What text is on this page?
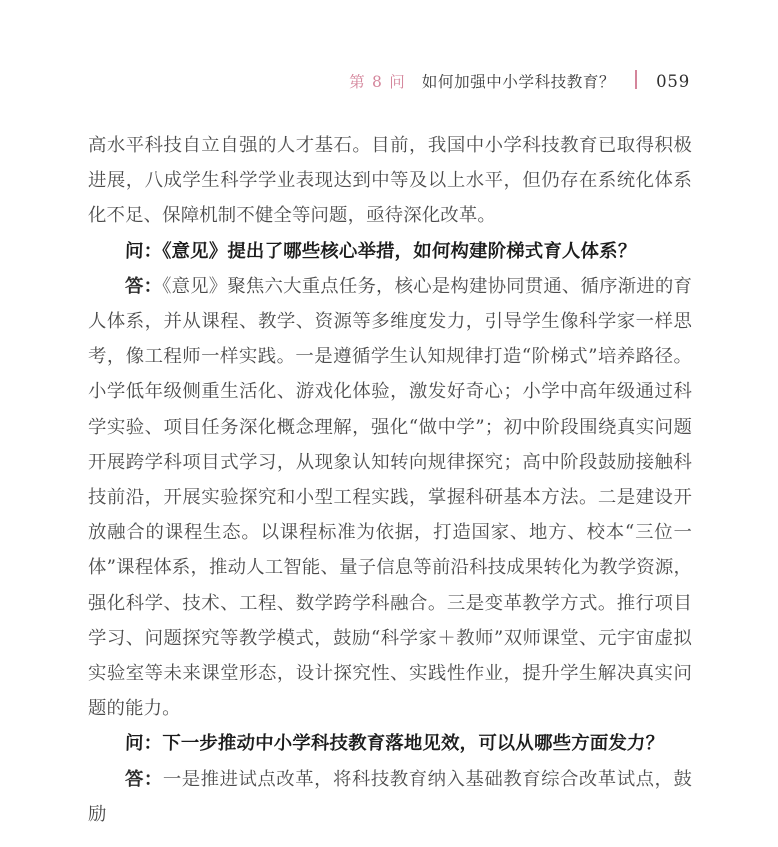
第 8 问 如何加强中小学科技教育？ 059

高水平科技自立自强的人才基石。目前，我国中小学科技教育已取得积极进展，八成学生科学学业表现达到中等及以上水平，但仍存在系统化体系化不足、保障机制不健全等问题，亟待深化改革。

问：《意见》提出了哪些核心举措，如何构建阶梯式育人体系？

答：《意见》聚焦六大重点任务，核心是构建协同贯通、循序渐进的育人体系，并从课程、教学、资源等多维度发力，引导学生像科学家一样思考，像工程师一样实践。一是遵循学生认知规律打造“阶梯式”培养路径。小学低年级侧重生活化、游戏化体验，激发好奇心；小学中高年级通过科学实验、项目任务深化概念理解，强化“做中学”；初中阶段围绕真实问题开展跨学科项目式学习，从现象认知转向规律探究；高中阶段鼓励接触科技前沿，开展实验探究和小型工程实践，掌握科研基本方法。二是建设开放融合的课程生态。以课程标准为依据，打造国家、地方、校本“三位一体”课程体系，推动人工智能、量子信息等前沿科技成果转化为教学资源，强化科学、技术、工程、数学跨学科融合。三是变革教学方式。推行项目学习、问题探究等教学模式，鼓励“科学家＋教师”双师课堂、元宇宙虚拟实验室等未来课堂形态，设计探究性、实践性作业，提升学生解决真实问题的能力。

问：下一步推动中小学科技教育落地见效，可以从哪些方面发力？

答：一是推进试点改革，将科技教育纳入基础教育综合改革试点，鼓励
